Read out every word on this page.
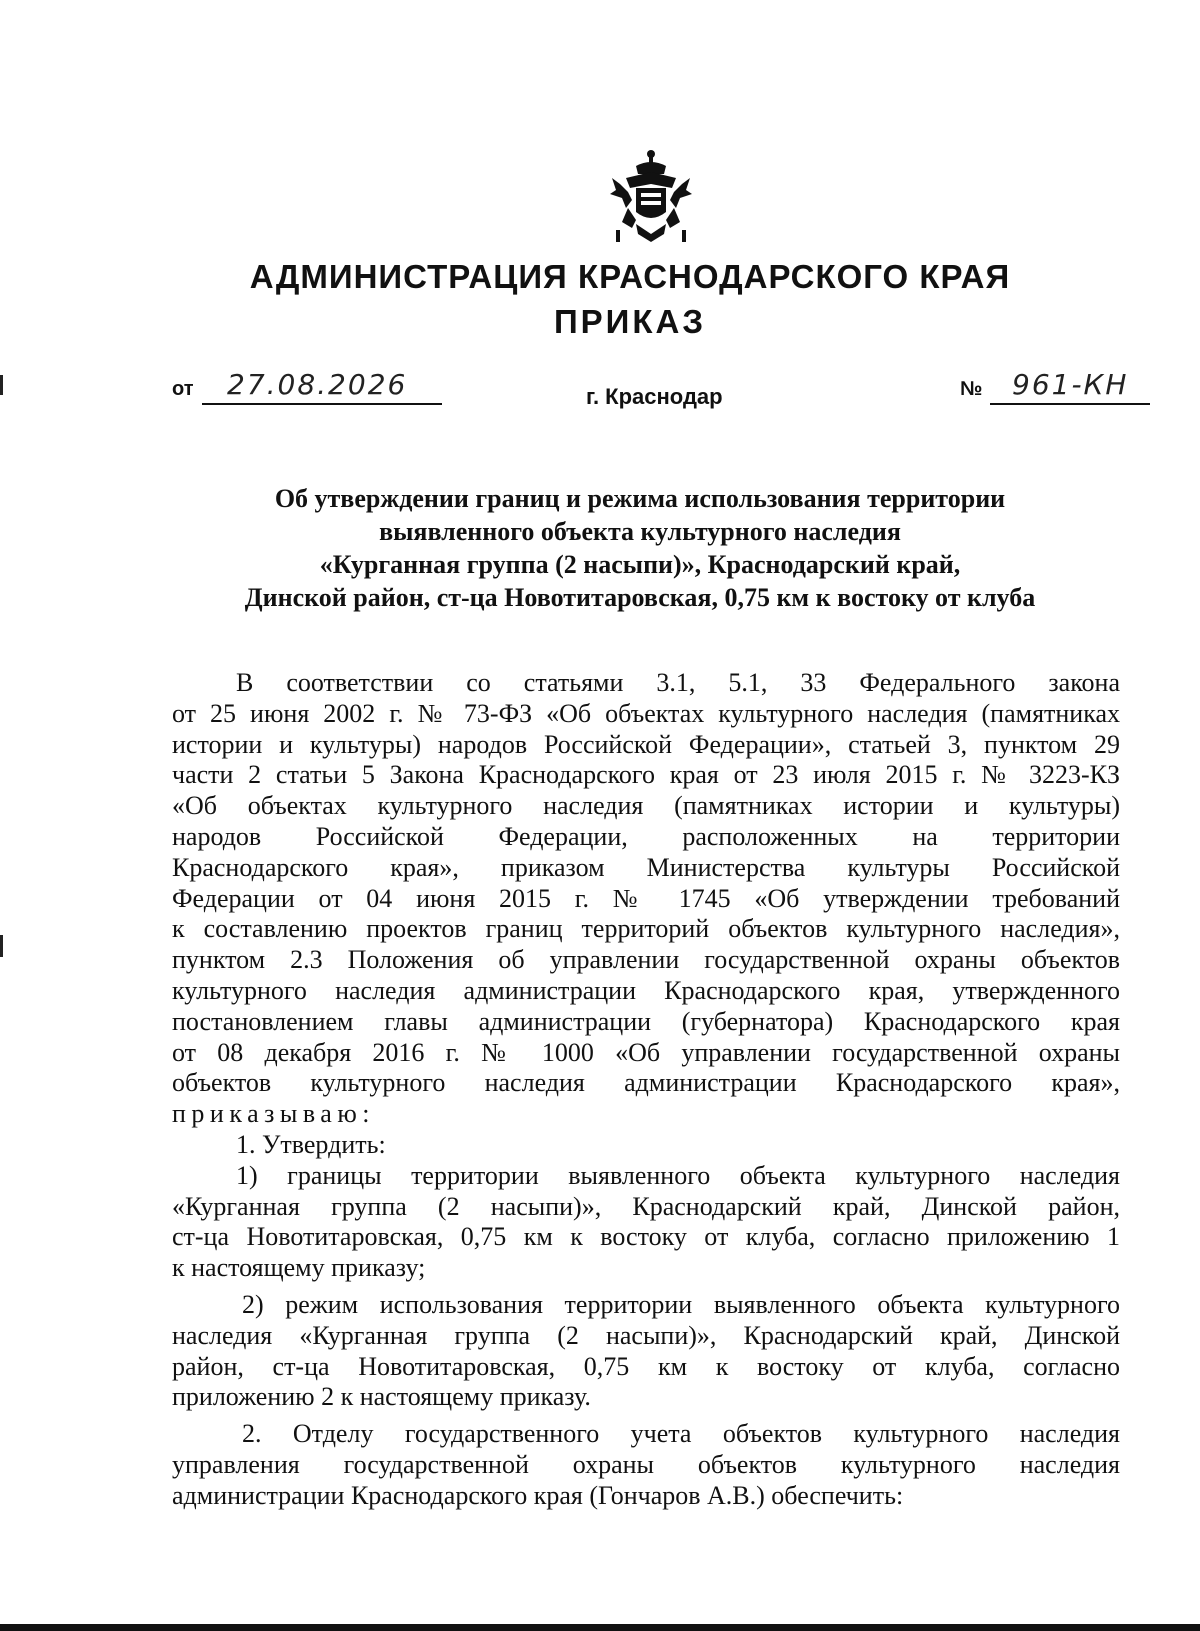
АДМИНИСТРАЦИЯ КРАСНОДАРСКОГО КРАЯ
ПРИКАЗ
от 27.08.2026	г. Краснодар	№ 961-КН
Об утверждении границ и режима использования территории
выявленного объекта культурного наследия
«Курганная группа (2 насыпи)», Краснодарский край,
Динской район, ст-ца Новотитаровская, 0,75 км к востоку от клуба
В соответствии со статьями 3.1, 5.1, 33 Федерального закона
от 25 июня 2002 г. № 73-ФЗ «Об объектах культурного наследия (памятниках
истории и культуры) народов Российской Федерации», статьей 3, пунктом 29
части 2 статьи 5 Закона Краснодарского края от 23 июля 2015 г. № 3223-КЗ
«Об объектах культурного наследия (памятниках истории и культуры)
народов Российской Федерации, расположенных на территории
Краснодарского края», приказом Министерства культуры Российской
Федерации от 04 июня 2015 г. № 1745 «Об утверждении требований
к составлению проектов границ территорий объектов культурного наследия»,
пунктом 2.3 Положения об управлении государственной охраны объектов
культурного наследия администрации Краснодарского края, утвержденного
постановлением главы администрации (губернатора) Краснодарского края
от 08 декабря 2016 г. № 1000 «Об управлении государственной охраны
объектов культурного наследия администрации Краснодарского края»,
приказываю:
1. Утвердить:
1) границы территории выявленного объекта культурного наследия
«Курганная группа (2 насыпи)», Краснодарский край, Динской район,
ст-ца Новотитаровская, 0,75 км к востоку от клуба, согласно приложению 1
к настоящему приказу;
2) режим использования территории выявленного объекта культурного
наследия «Курганная группа (2 насыпи)», Краснодарский край, Динской
район, ст-ца Новотитаровская, 0,75 км к востоку от клуба, согласно
приложению 2 к настоящему приказу.
2. Отделу государственного учета объектов культурного наследия
управления государственной охраны объектов культурного наследия
администрации Краснодарского края (Гончаров А.В.) обеспечить:
